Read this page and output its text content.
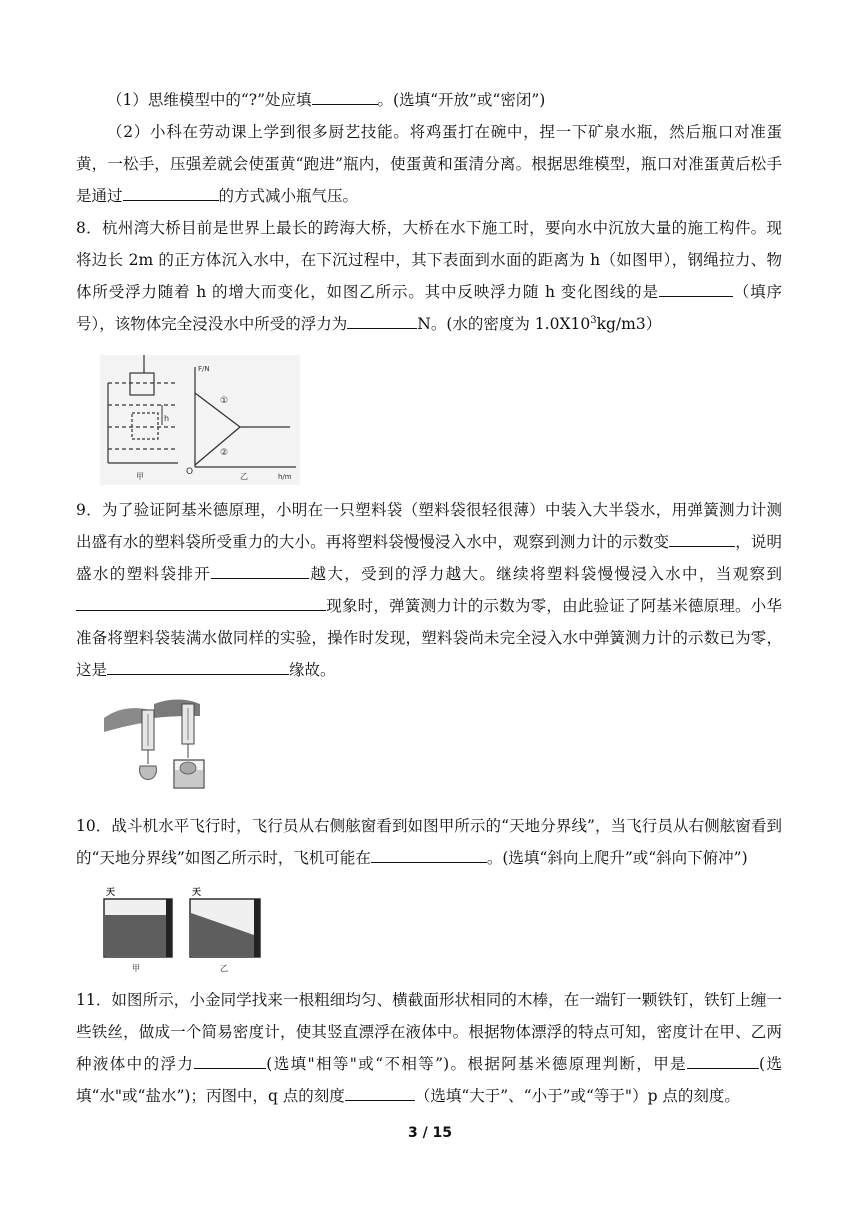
（1）思维模型中的“?”处应填	。(选填“开放”或“密闭”)

（2）小科在劳动课上学到很多厨艺技能。将鸡蛋打在碗中，捏一下矿泉水瓶，然后瓶口对准蛋黄，一松手，压强差就会使蛋黄“跑进”瓶内，使蛋黄和蛋清分离。根据思维模型，瓶口对准蛋黄后松手是通过	的方式减小瓶气压。

8．杭州湾大桥目前是世界上最长的跨海大桥，大桥在水下施工时，要向水中沉放大量的施工构件。现将边长 2m 的正方体沉入水中，在下沉过程中，其下表面到水面的距离为 h（如图甲），钢绳拉力、物体所受浮力随着 h 的增大而变化，如图乙所示。其中反映浮力随 h 变化图线的是	（填序号），该物体完全浸没水中所受的浮力为	N。(水的密度为 $1.0X10^3kg/m3$）

h
甲
F/N
O	h/m
①
②
乙

9．为了验证阿基米德原理，小明在一只塑料袋（塑料袋很轻很薄）中装入大半袋水，用弹簧测力计测出盛有水的塑料袋所受重力的大小。再将塑料袋慢慢浸入水中，观察到测力计的示数变	，说明盛水的塑料袋排开	越大，受到的浮力越大。继续将塑料袋慢慢浸入水中，当观察到现象时，弹簧测力计的示数为零，由此验证了阿基米德原理。小华准备将塑料袋装满水做同样的实验，操作时发现，塑料袋尚未完全浸入水中弹簧测力计的示数已为零，这是	缘故。

10．战斗机水平飞行时，飞行员从右侧舷窗看到如图甲所示的“天地分界线”，当飞行员从右侧舷窗看到的“天地分界线”如图乙所示时，飞机可能在	。(选填“斜向上爬升”或“斜向下俯冲”)

天
甲
天
乙

11．如图所示，小金同学找来一根粗细均匀、横截面形状相同的木棒，在一端钉一颗铁钉，铁钉上缠一些铁丝，做成一个简易密度计，使其竖直漂浮在液体中。根据物体漂浮的特点可知，密度计在甲、乙两种液体中的浮力	(选填"相等"或“不相等”)。根据阿基米德原理判断，甲是	(选填“水"或“盐水”)；丙图中，q 点的刻度	（选填“大于”、“小于”或“等于"）p 点的刻度。

3 / 15
